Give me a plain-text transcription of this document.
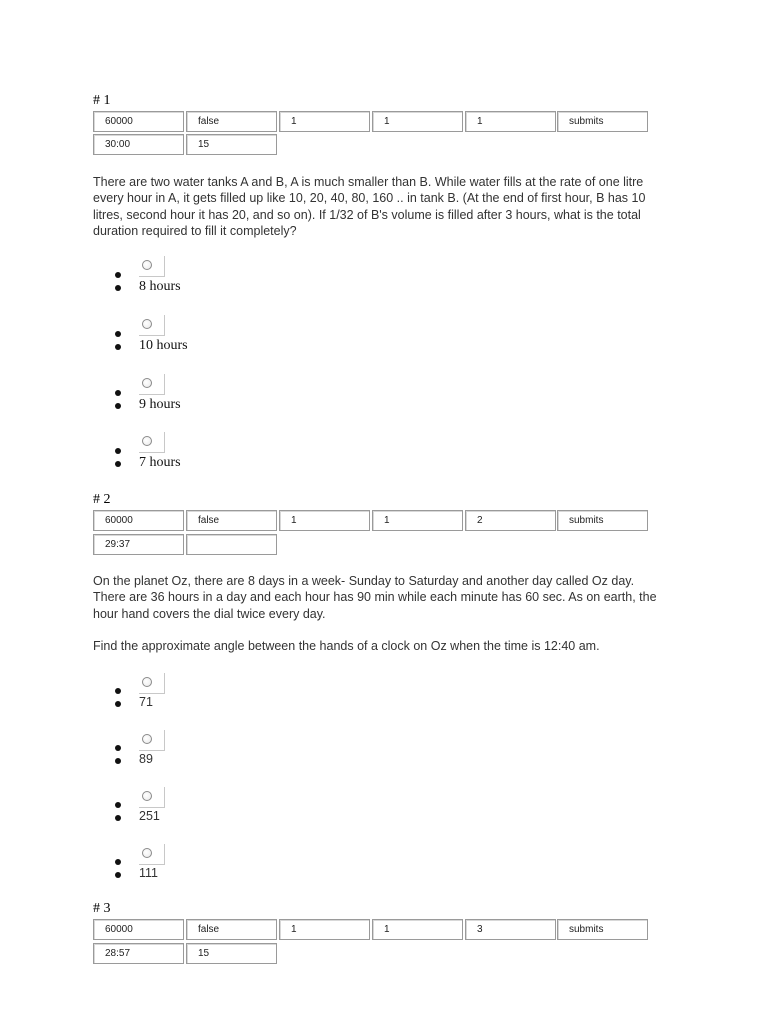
# 1
60000	false	1	1	1	submits
30:00	15
There are two water tanks A and B, A is much smaller than B. While water fills at the rate of one litre every hour in A, it gets filled up like 10, 20, 40, 80, 160 .. in tank B. (At the end of first hour, B has 10 litres, second hour it has 20, and so on). If 1/32 of B's volume is filled after 3 hours, what is the total duration required to fill it completely?
8 hours
10 hours
9 hours
7 hours
# 2
60000	false	1	1	2	submits
29:37
On the planet Oz, there are 8 days in a week- Sunday to Saturday and another day called Oz day. There are 36 hours in a day and each hour has 90 min while each minute has 60 sec. As on earth, the hour hand covers the dial twice every day.
Find the approximate angle between the hands of a clock on Oz when the time is 12:40 am.
71
89
251
111
# 3
60000	false	1	1	3	submits
28:57	15
